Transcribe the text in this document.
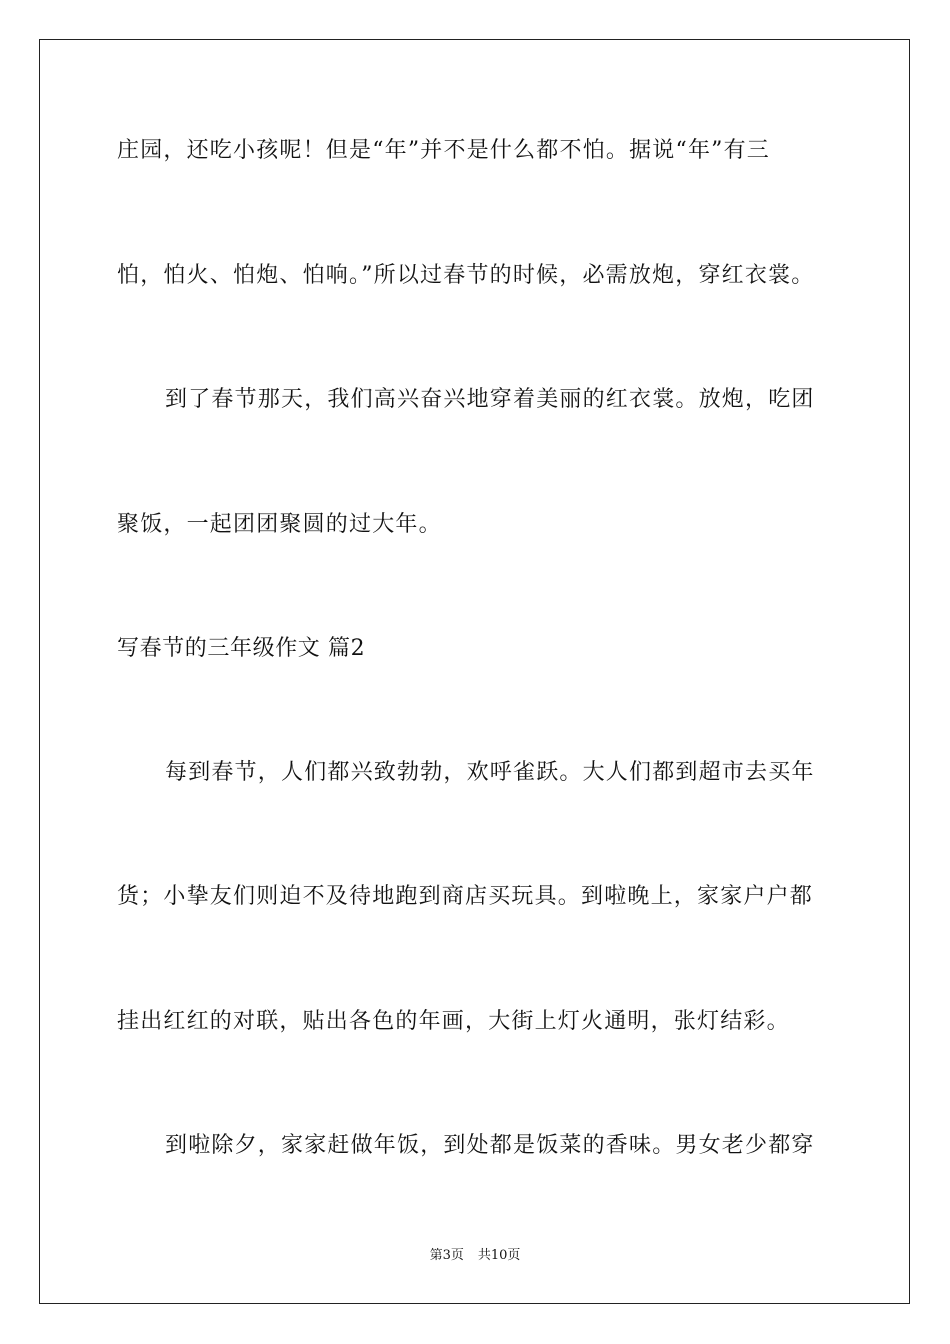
庄园，还吃小孩呢！但是“年”并不是什么都不怕。据说“年”有三
怕，怕火、怕炮、怕响。”所以过春节的时候，必需放炮，穿红衣裳。
到了春节那天，我们高兴奋兴地穿着美丽的红衣裳。放炮，吃团
聚饭，一起团团聚圆的过大年。
写春节的三年级作文 篇2
每到春节，人们都兴致勃勃，欢呼雀跃。大人们都到超市去买年
货；小挚友们则迫不及待地跑到商店买玩具。到啦晚上，家家户户都
挂出红红的对联，贴出各色的年画，大街上灯火通明，张灯结彩。
到啦除夕，家家赶做年饭，到处都是饭菜的香味。男女老少都穿
第3页 共10页
